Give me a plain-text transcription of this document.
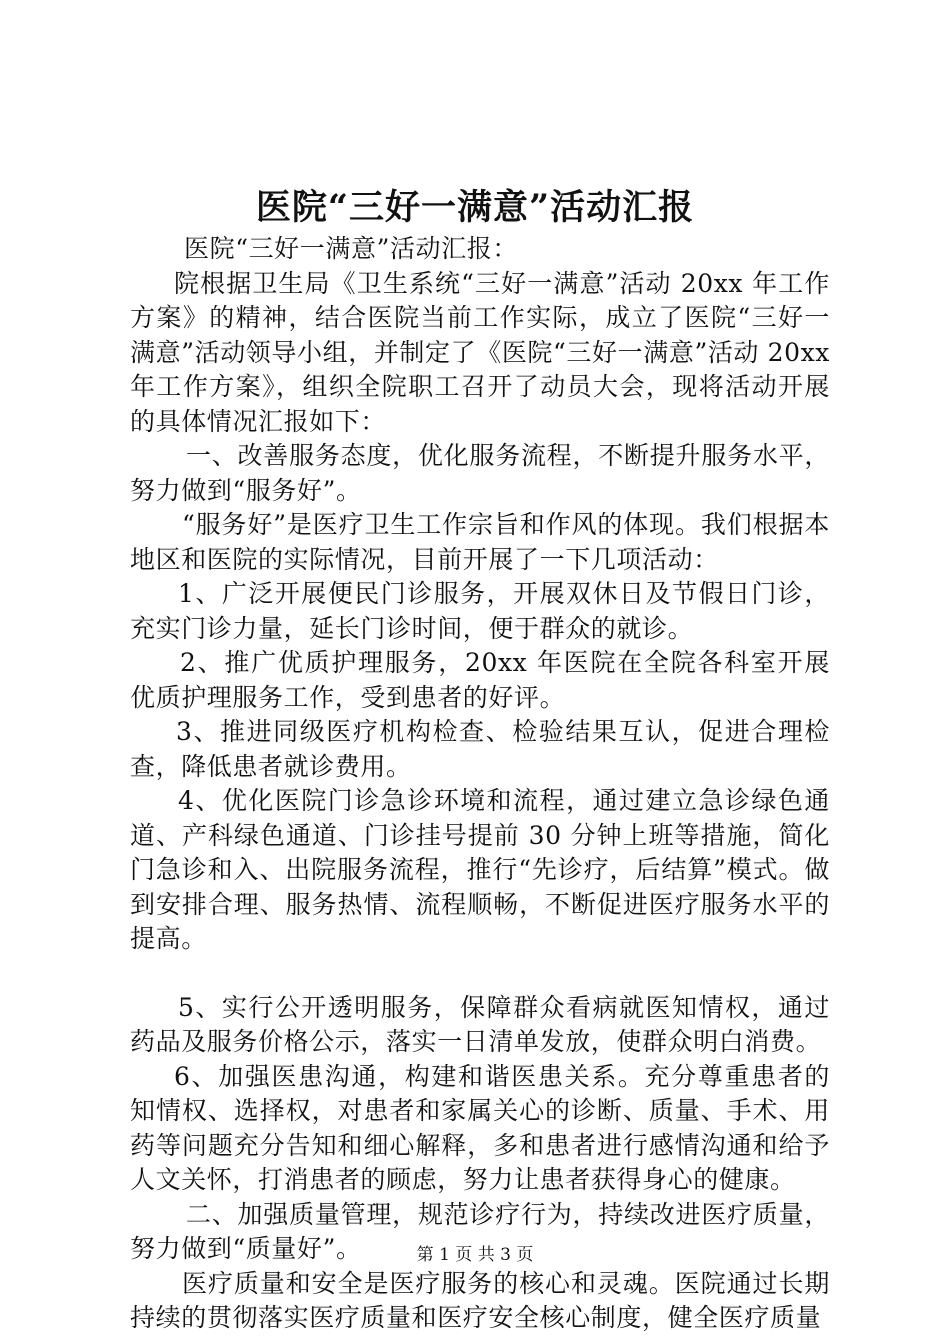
医院“三好一满意”活动汇报

医院“三好一满意”活动汇报：

院根据卫生局《卫生系统“三好一满意”活动 20xx 年工作方案》的精神，结合医院当前工作实际，成立了医院“三好一满意”活动领导小组，并制定了《医院“三好一满意”活动 20xx 年工作方案》，组织全院职工召开了动员大会，现将活动开展的具体情况汇报如下：

一、改善服务态度，优化服务流程，不断提升服务水平，努力做到“服务好”。

“服务好”是医疗卫生工作宗旨和作风的体现。我们根据本地区和医院的实际情况，目前开展了一下几项活动：

1、广泛开展便民门诊服务，开展双休日及节假日门诊，充实门诊力量，延长门诊时间，便于群众的就诊。

2、推广优质护理服务，20xx 年医院在全院各科室开展优质护理服务工作，受到患者的好评。

3、推进同级医疗机构检查、检验结果互认，促进合理检查，降低患者就诊费用。

4、优化医院门诊急诊环境和流程，通过建立急诊绿色通道、产科绿色通道、门诊挂号提前 30 分钟上班等措施，简化门急诊和入、出院服务流程，推行“先诊疗，后结算”模式。做到安排合理、服务热情、流程顺畅，不断促进医疗服务水平的提高。

5、实行公开透明服务，保障群众看病就医知情权，通过药品及服务价格公示，落实一日清单发放，使群众明白消费。

6、加强医患沟通，构建和谐医患关系。充分尊重患者的知情权、选择权，对患者和家属关心的诊断、质量、手术、用药等问题充分告知和细心解释，多和患者进行感情沟通和给予人文关怀，打消患者的顾虑，努力让患者获得身心的健康。

二、加强质量管理，规范诊疗行为，持续改进医疗质量，努力做到“质量好”。

医疗质量和安全是医疗服务的核心和灵魂。医院通过长期持续的贯彻落实医疗质量和医疗安全核心制度，健全医疗质量

第 1 页 共 3 页
